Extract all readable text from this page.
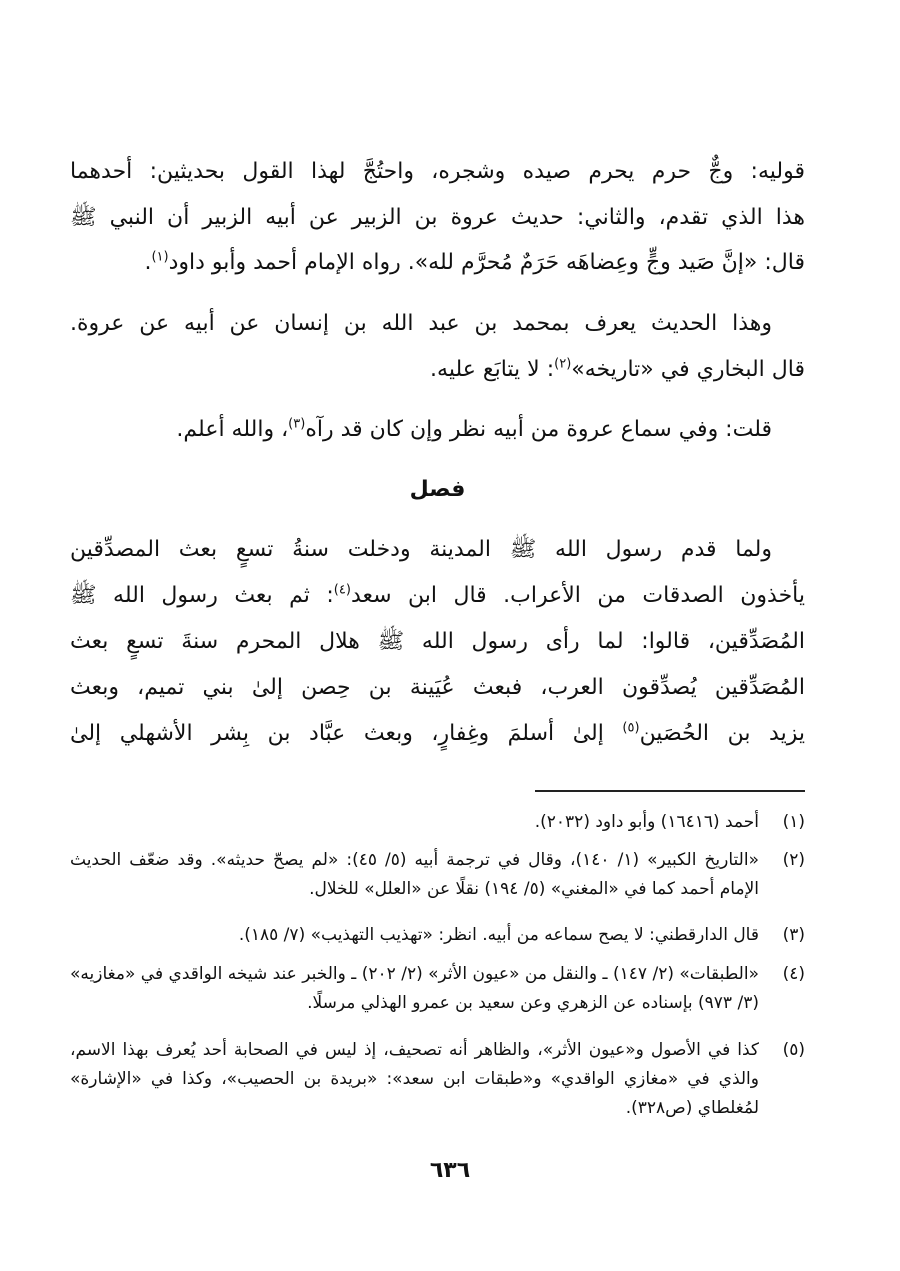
قوليه: وجٌّ حرم يحرم صيده وشجره، واحتُجَّ لهذا القول بحديثين: أحدهما
هذا الذي تقدم، والثاني: حديث عروة بن الزبير عن أبيه الزبير أن النبي ﷺ
قال: «إنَّ صَيد وجٍّ وعِضاهَه حَرَمٌ مُحرَّم لله». رواه الإمام أحمد وأبو داود$^{(١)}$.
وهذا الحديث يعرف بمحمد بن عبد الله بن إنسان عن أبيه عن عروة.
قال البخاري في «تاريخه»$^{(٢)}$: لا يتابَع عليه.
قلت: وفي سماع عروة من أبيه نظر وإن كان قد رآه$^{(٣)}$، والله أعلم.
فصل
ولما قدم رسول الله ﷺ المدينة ودخلت سنةُ تسعٍ بعث المصدِّقين
يأخذون الصدقات من الأعراب. قال ابن سعد$^{(٤)}$: ثم بعث رسول الله ﷺ
المُصَدِّقين، قالوا: لما رأى رسول الله ﷺ هلال المحرم سنةَ تسعٍ بعث
المُصَدِّقين يُصدِّقون العرب، فبعث عُيَينة بن حِصن إلىٰ بني تميم، وبعث
يزيد بن الحُصَين$^{(٥)}$ إلىٰ أسلمَ وغِفارٍ، وبعث عبَّاد بن بِشر الأشهلي إلىٰ
(١)
أحمد (١٦٤١٦) وأبو داود (٢٠٣٢).
(٢)
«التاريخ الكبير» (١/ ١٤٠)، وقال في ترجمة أبيه (٥/ ٤٥): «لم يصحّ حديثه». وقد ضعّف الحديث الإمام أحمد كما في «المغني» (٥/ ١٩٤) نقلًا عن «العلل» للخلال.
(٣)
قال الدارقطني: لا يصح سماعه من أبيه. انظر: «تهذيب التهذيب» (٧/ ١٨٥).
(٤)
«الطبقات» (٢/ ١٤٧) ـ والنقل من «عيون الأثر» (٢/ ٢٠٢) ـ والخبر عند شيخه الواقدي في «مغازيه» (٣/ ٩٧٣) بإسناده عن الزهري وعن سعيد بن عمرو الهذلي مرسلًا.
(٥)
كذا في الأصول و«عيون الأثر»، والظاهر أنه تصحيف، إذ ليس في الصحابة أحد يُعرف بهذا الاسم، والذي في «مغازي الواقدي» و«طبقات ابن سعد»: «بريدة بن الحصيب»، وكذا في «الإشارة» لمُغلطاي (ص٣٢٨).
٦٣٦
